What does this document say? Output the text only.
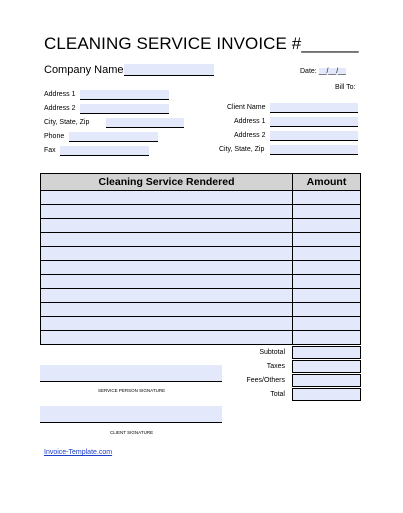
CLEANING SERVICE INVOICE #______
Company Name	Date: __/__/__
Bill To:
Address 1
Address 2
City, State, Zip
Phone
Fax
Client Name
Address 1
Address 2
City, State, Zip
Cleaning Service Rendered	Amount

Subtotal
Taxes
Fees/Others
Total
SERVICE PERSON SIGNATURE
CLIENT SIGNATURE
Invoice-Template.com
